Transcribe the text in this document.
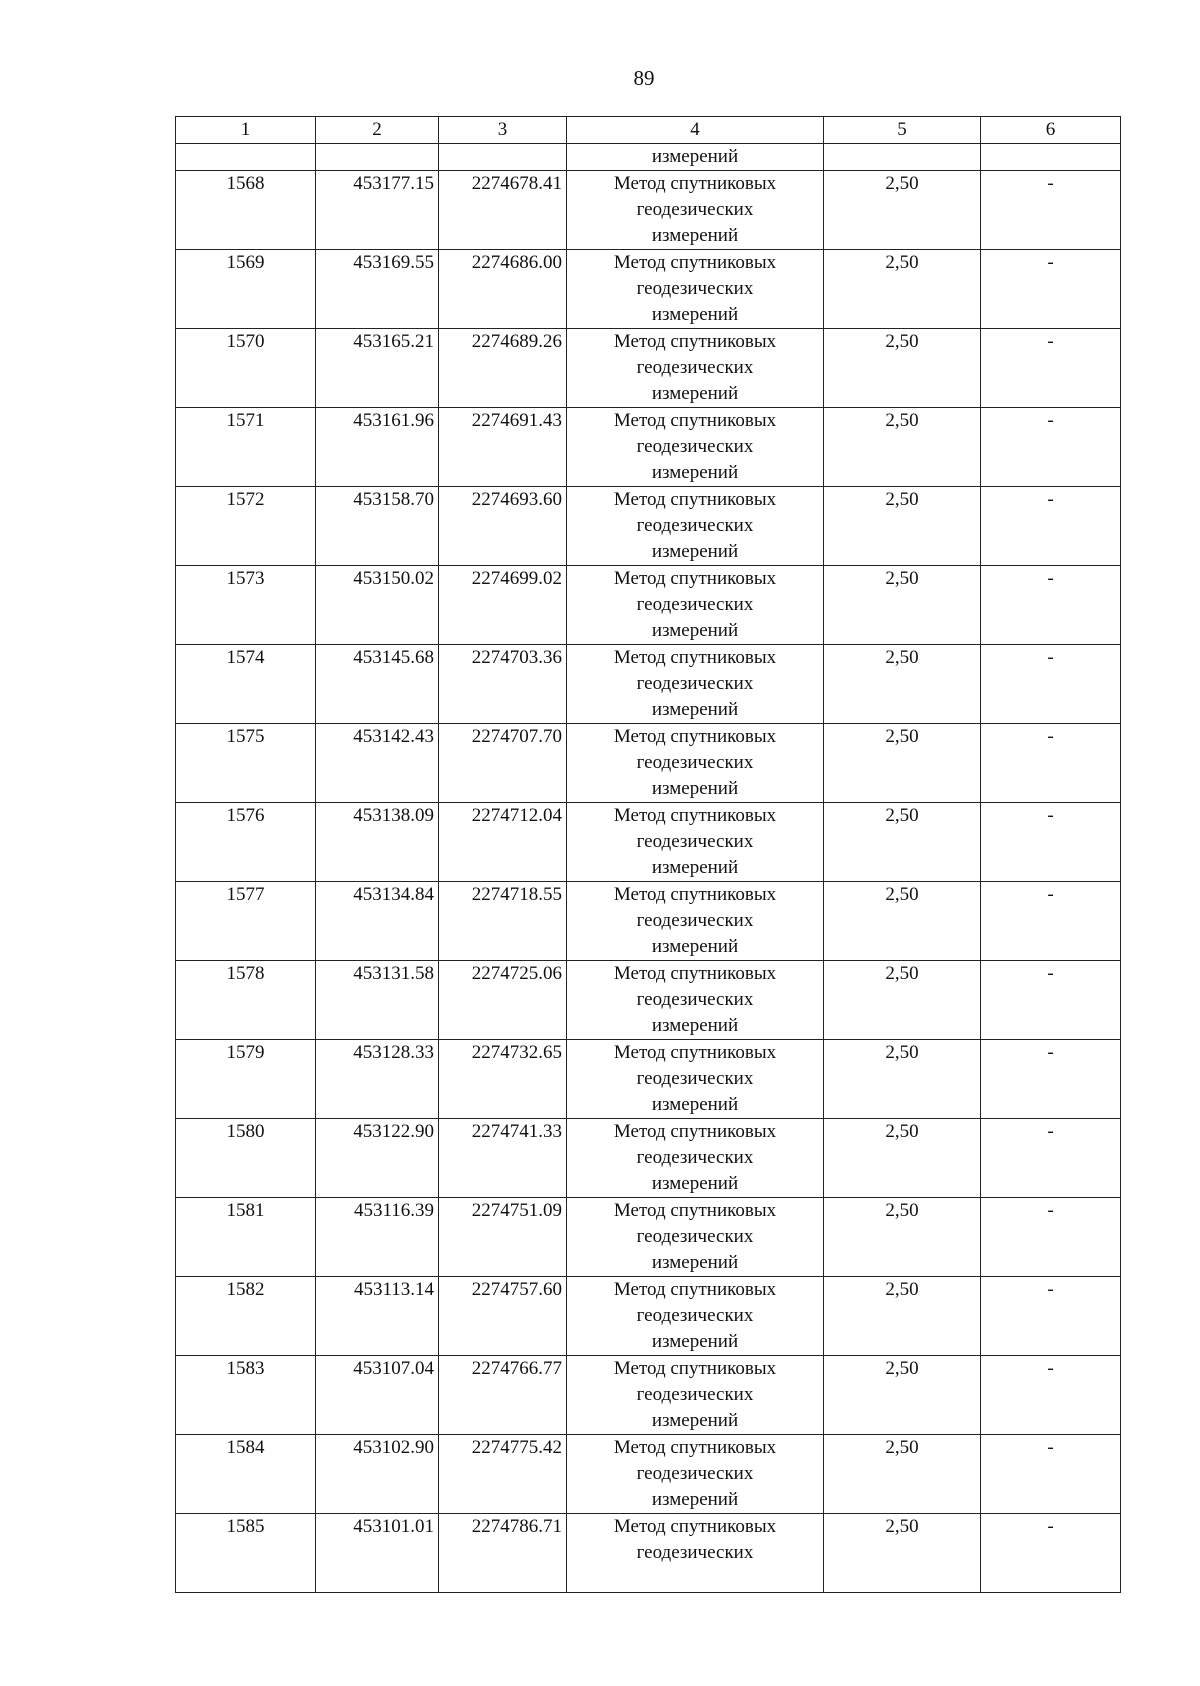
89
1	2	3	4	5	6
			измерений		
1568	453177.15	2274678.41	Метод спутниковых
геодезических
измерений	2,50	-
1569	453169.55	2274686.00	Метод спутниковых
геодезических
измерений	2,50	-
1570	453165.21	2274689.26	Метод спутниковых
геодезических
измерений	2,50	-
1571	453161.96	2274691.43	Метод спутниковых
геодезических
измерений	2,50	-
1572	453158.70	2274693.60	Метод спутниковых
геодезических
измерений	2,50	-
1573	453150.02	2274699.02	Метод спутниковых
геодезических
измерений	2,50	-
1574	453145.68	2274703.36	Метод спутниковых
геодезических
измерений	2,50	-
1575	453142.43	2274707.70	Метод спутниковых
геодезических
измерений	2,50	-
1576	453138.09	2274712.04	Метод спутниковых
геодезических
измерений	2,50	-
1577	453134.84	2274718.55	Метод спутниковых
геодезических
измерений	2,50	-
1578	453131.58	2274725.06	Метод спутниковых
геодезических
измерений	2,50	-
1579	453128.33	2274732.65	Метод спутниковых
геодезических
измерений	2,50	-
1580	453122.90	2274741.33	Метод спутниковых
геодезических
измерений	2,50	-
1581	453116.39	2274751.09	Метод спутниковых
геодезических
измерений	2,50	-
1582	453113.14	2274757.60	Метод спутниковых
геодезических
измерений	2,50	-
1583	453107.04	2274766.77	Метод спутниковых
геодезических
измерений	2,50	-
1584	453102.90	2274775.42	Метод спутниковых
геодезических
измерений	2,50	-
1585	453101.01	2274786.71	Метод спутниковых
геодезических	2,50	-
